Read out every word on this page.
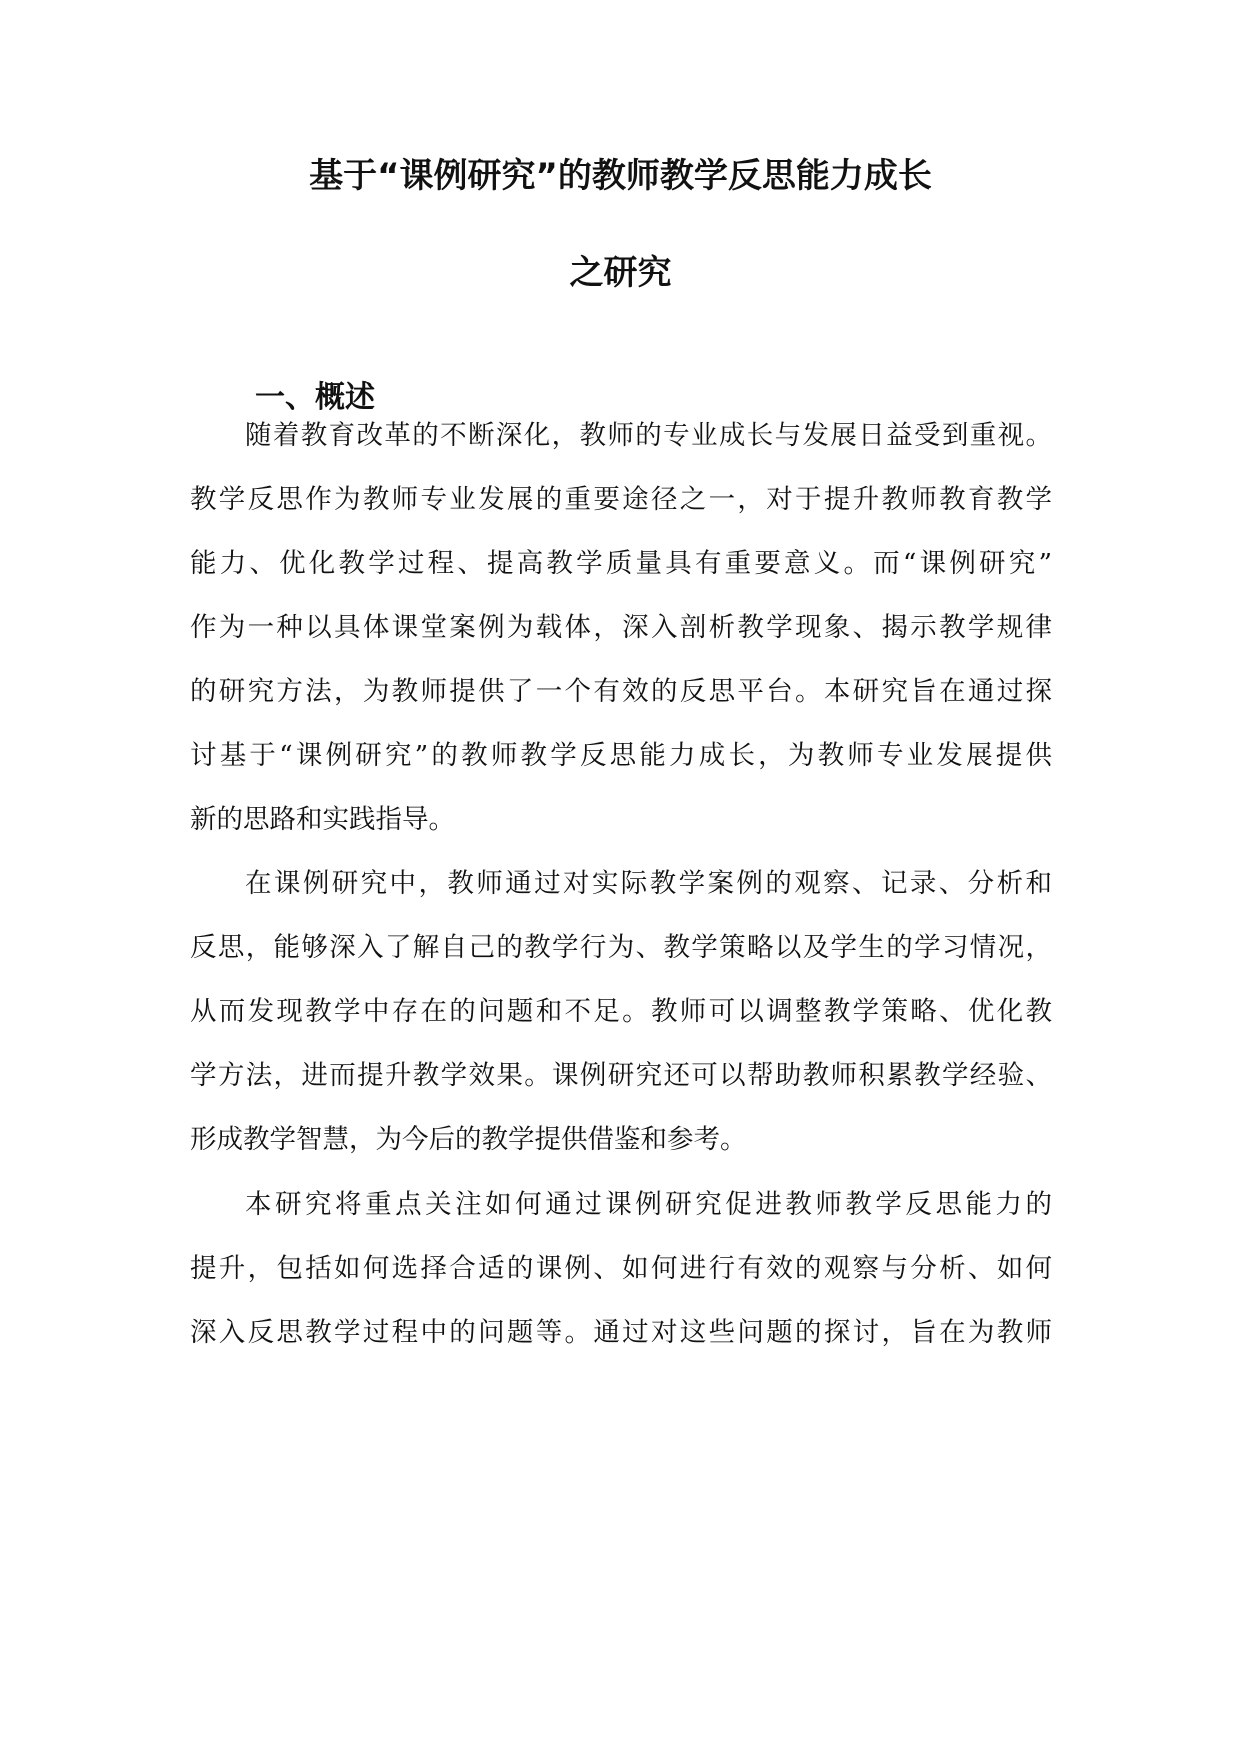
基于“课例研究”的教师教学反思能力成长
之研究
一、概述

随着教育改革的不断深化，教师的专业成长与发展日益受到重视。

教学反思作为教师专业发展的重要途径之一，对于提升教师教育教学

能力、优化教学过程、提高教学质量具有重要意义。而“课例研究”

作为一种以具体课堂案例为载体，深入剖析教学现象、揭示教学规律

的研究方法，为教师提供了一个有效的反思平台。本研究旨在通过探

讨基于“课例研究”的教师教学反思能力成长，为教师专业发展提供

新的思路和实践指导。

在课例研究中，教师通过对实际教学案例的观察、记录、分析和

反思，能够深入了解自己的教学行为、教学策略以及学生的学习情况，

从而发现教学中存在的问题和不足。教师可以调整教学策略、优化教

学方法，进而提升教学效果。课例研究还可以帮助教师积累教学经验、

形成教学智慧，为今后的教学提供借鉴和参考。

本研究将重点关注如何通过课例研究促进教师教学反思能力的

提升，包括如何选择合适的课例、如何进行有效的观察与分析、如何

深入反思教学过程中的问题等。通过对这些问题的探讨，旨在为教师
